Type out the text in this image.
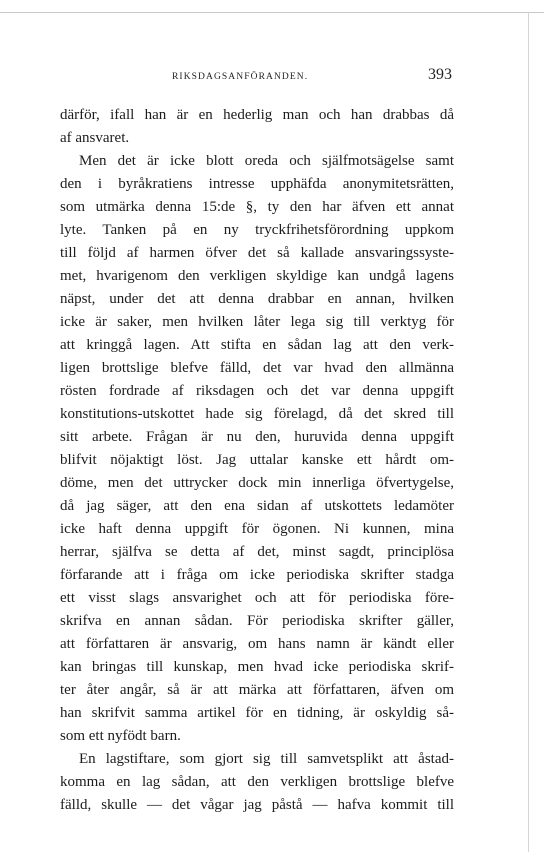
RIKSDAGSANFÖRANDEN.	393
därför, ifall han är en hederlig man och han drabbas då
af ansvaret.
Men det är icke blott oreda och själfmotsägelse samt
den i byråkratiens intresse upphäfda anonymitetsrätten,
som utmärka denna 15:de §, ty den har äfven ett annat
lyte. Tanken på en ny tryckfrihetsförordning uppkom
till följd af harmen öfver det så kallade ansvaringssyste-
met, hvarigenom den verkligen skyldige kan undgå lagens
näpst, under det att denna drabbar en annan, hvilken
icke är saker, men hvilken låter lega sig till verktyg för
att kringgå lagen. Att stifta en sådan lag att den verk-
ligen brottslige blefve fälld, det var hvad den allmänna
rösten fordrade af riksdagen och det var denna uppgift
konstitutions-utskottet hade sig förelagd, då det skred till
sitt arbete. Frågan är nu den, huruvida denna uppgift
blifvit nöjaktigt löst. Jag uttalar kanske ett hårdt om-
döme, men det uttrycker dock min innerliga öfvertygelse,
då jag säger, att den ena sidan af utskottets ledamöter
icke haft denna uppgift för ögonen. Ni kunnen, mina
herrar, själfva se detta af det, minst sagdt, principlösa
förfarande att i fråga om icke periodiska skrifter stadga
ett visst slags ansvarighet och att för periodiska före-
skrifva en annan sådan. För periodiska skrifter gäller,
att författaren är ansvarig, om hans namn är kändt eller
kan bringas till kunskap, men hvad icke periodiska skrif-
ter åter angår, så är att märka att författaren, äfven om
han skrifvit samma artikel för en tidning, är oskyldig så-
som ett nyfödt barn.
En lagstiftare, som gjort sig till samvetsplikt att åstad-
komma en lag sådan, att den verkligen brottslige blefve
fälld, skulle — det vågar jag påstå — hafva kommit till
